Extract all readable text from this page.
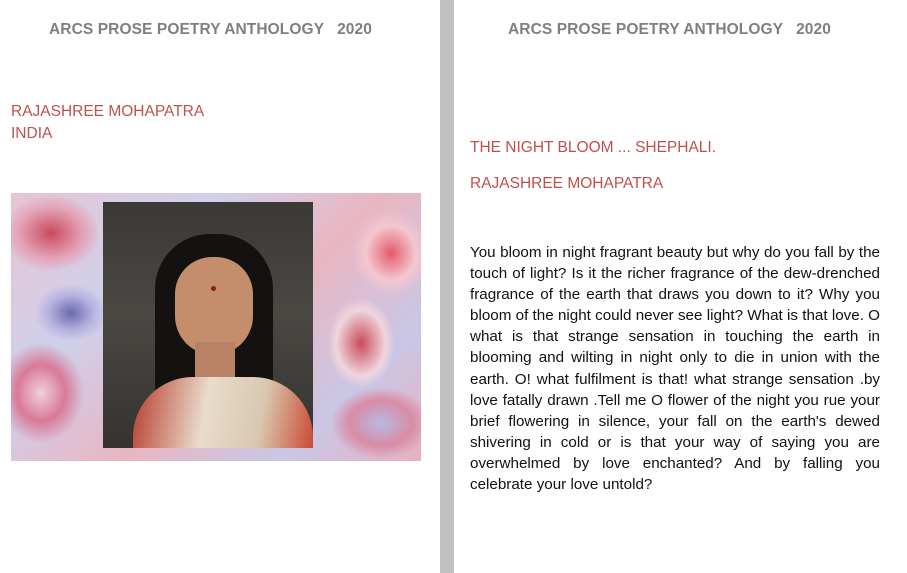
ARCS PROSE POETRY ANTHOLOGY   2020
RAJASHREE MOHAPATRA
INDIA
ARCS PROSE POETRY ANTHOLOGY   2020
THE NIGHT BLOOM ... SHEPHALI.
RAJASHREE MOHAPATRA
You bloom in night fragrant beauty but why do you fall by the touch of light? Is it the richer fragrance of the dew-drenched fragrance of the earth that draws you down to it? Why you bloom of the night could never see light? What is that love. O what is that strange sensation in touching the earth in blooming and wilting in night only to die in union with the earth. O! what fulfilment is that! what strange sensation .by love fatally drawn .Tell me O flower of the night you rue your brief flowering in silence, your fall on the earth's dewed shivering in cold or is that your way of saying you are overwhelmed by love enchanted? And by falling you celebrate your love untold?
